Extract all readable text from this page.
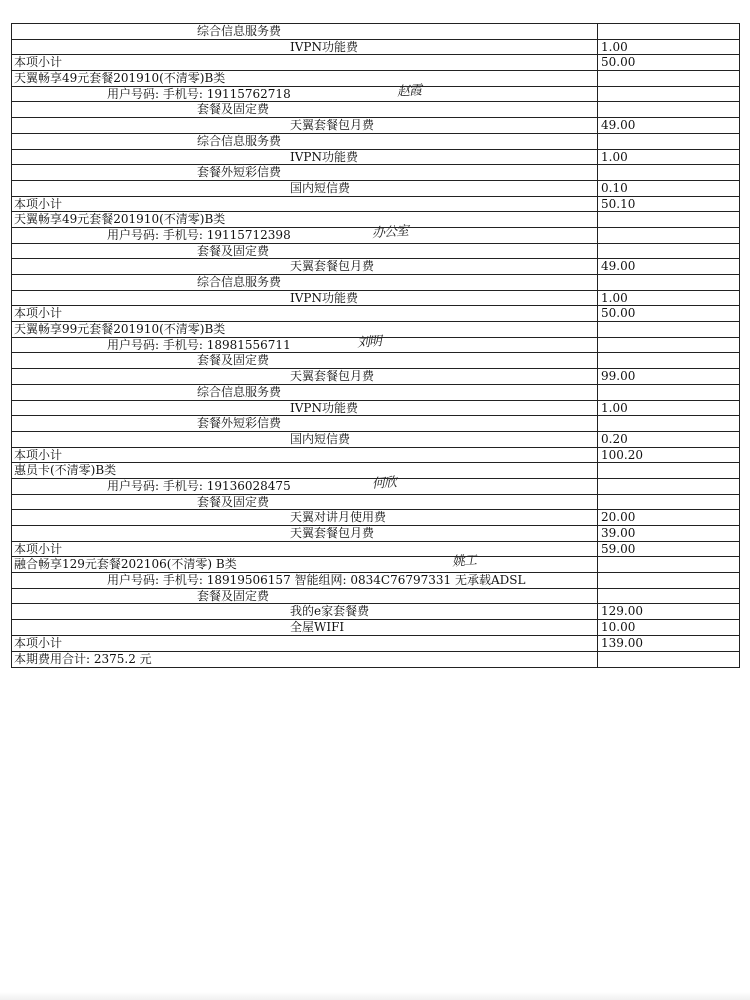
综合信息服务费
IVPN功能费	1.00
本项小计	50.00
天翼畅享49元套餐201910(不清零)B类
用户号码: 手机号: 19115762718	赵霞
套餐及固定费
天翼套餐包月费	49.00
综合信息服务费
IVPN功能费	1.00
套餐外短彩信费
国内短信费	0.10
本项小计	50.10
天翼畅享49元套餐201910(不清零)B类
用户号码: 手机号: 19115712398	办公室
套餐及固定费
天翼套餐包月费	49.00
综合信息服务费
IVPN功能费	1.00
本项小计	50.00
天翼畅享99元套餐201910(不清零)B类
用户号码: 手机号: 18981556711	刘明
套餐及固定费
天翼套餐包月费	99.00
综合信息服务费
IVPN功能费	1.00
套餐外短彩信费
国内短信费	0.20
本项小计	100.20
惠员卡(不清零)B类
用户号码: 手机号: 19136028475	何欣
套餐及固定费
天翼对讲月使用费	20.00
天翼套餐包月费	39.00
本项小计	59.00
融合畅享129元套餐202106(不清零) B类	姚工
用户号码: 手机号: 18919506157 智能组网: 0834C76797331 无承载ADSL
套餐及固定费
我的e家套餐费	129.00
全屋WIFI	10.00
本项小计	139.00
本期费用合计: 2375.2 元
